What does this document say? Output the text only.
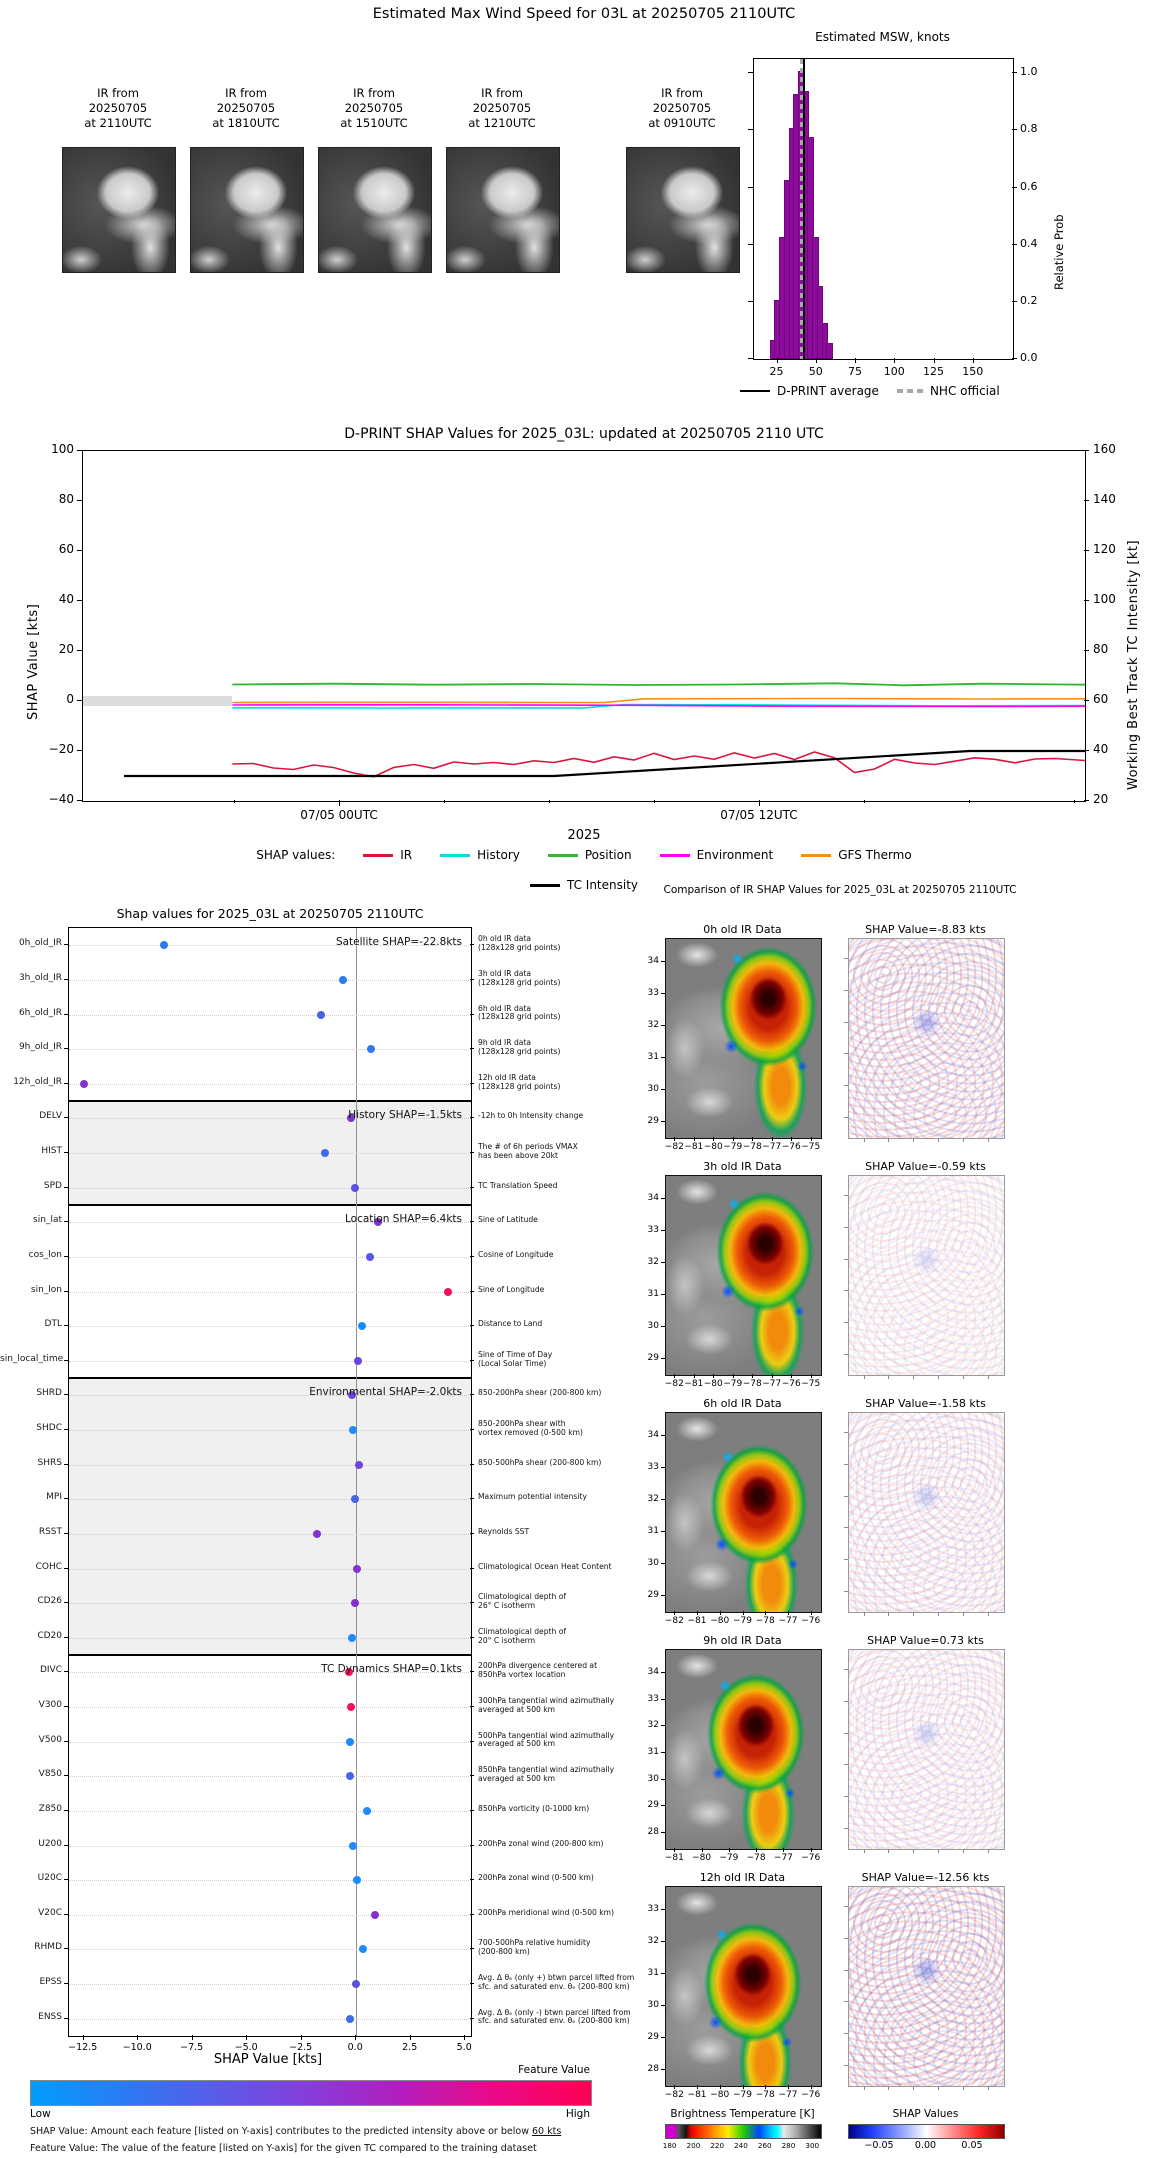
Estimated Max Wind Speed for 03L at 20250705 2110UTC
IR from
20250705
at 2110UTC
IR from
20250705
at 1810UTC
IR from
20250705
at 1510UTC
IR from
20250705
at 1210UTC
IR from
20250705
at 0910UTC
Estimated MSW, knots
25	50	75	100 125 150
0.0
0.2
0.4
0.6
0.8
1.0
Relative Prob
D-PRINT average	NHC official
D-PRINT SHAP Values for 2025_03L: updated at 20250705 2110 UTC
100
80
60
40
20
0
−20
−40
160
140
120
100
80
60
40
20
07/05 00UTC	07/05 12UTC
SHAP Value [kts]	Working Best Track TC Intensity [kt]
2025
SHAP values:	IR	History	Position	Environment	GFS Thermo
TC Intensity
Shap values for 2025_03L at 20250705 2110UTC
Satellite SHAP=-22.8kts
History SHAP=-1.5kts
Location SHAP=6.4kts
Environmental SHAP=-2.0kts
TC Dynamics SHAP=0.1kts
0h_old_IR	0h old IR data
(128x128 grid points)
3h_old_IR	3h old IR data
(128x128 grid points)
6h_old_IR	6h old IR data
(128x128 grid points)
9h_old_IR	9h old IR data
(128x128 grid points)
12h_old_IR	12h old IR data
(128x128 grid points)
DELV	-12h to 0h Intensity change
HIST	The # of 6h periods VMAX
has been above 20kt
SPD	TC Translation Speed
sin_lat	Sine of Latitude
cos_lon	Cosine of Longitude
sin_lon	Sine of Longitude
DTL	Distance to Land
sin_local_time	Sine of Time of Day
(Local Solar Time)
SHRD	850-200hPa shear (200-800 km)
SHDC	850-200hPa shear with
vortex removed (0-500 km)
SHRS	850-500hPa shear (200-800 km)
MPI	Maximum potential intensity
RSST	Reynolds SST
COHC	Climatological Ocean Heat Content
CD26	Climatological depth of
26° C isotherm
CD20	Climatological depth of
20° C isotherm
DIVC	200hPa divergence centered at
850hPa vortex location
V300	300hPa tangential wind azimuthally
averaged at 500 km
V500	500hPa tangential wind azimuthally
averaged at 500 km
V850	850hPa tangential wind azimuthally
averaged at 500 km
Z850	850hPa vorticity (0-1000 km)
U200	200hPa zonal wind (200-800 km)
U20C	200hPa zonal wind (0-500 km)
V20C	200hPa meridional wind (0-500 km)
RHMD	700-500hPa relative humidity
(200-800 km)
EPSS	Avg. Δ θₑ (only +) btwn parcel lifted from
sfc. and saturated env. θₑ (200-800 km)
ENSS	Avg. Δ θₑ (only -) btwn parcel lifted from
sfc. and saturated env. θₑ (200-800 km)
−12.5	−10.0	−7.5	−5.0	−2.5	0.0	2.5	5.0
SHAP Value [kts]
Feature Value
Low	High
SHAP Value: Amount each feature [listed on Y-axis] contributes to the predicted intensity above or below 60 kts
Feature Value: The value of the feature [listed on Y-axis] for the given TC compared to the training dataset
Comparison of IR SHAP Values for 2025_03L at 20250705 2110UTC
0h old IR Data
34
33
32
31
30
29
−82 −81 −80 −79 −78 −77 −76 −75
SHAP Value=-8.83 kts
3h old IR Data
34
33
32
31
30
29
−82 −81 −80 −79 −78 −77 −76 −75
SHAP Value=-0.59 kts
6h old IR Data
34
33
32
31
30
29
−82 −81 −80 −79 −78 −77 −76
SHAP Value=-1.58 kts
9h old IR Data
34
33
32
31
30
29
28
−81 −80 −79 −78 −77 −76
SHAP Value=0.73 kts
12h old IR Data
33
32
31
30
29
28
−82 −81 −80 −79 −78 −77 −76
SHAP Value=-12.56 kts
Brightness Temperature [K]	SHAP Values
180	200	220	240	260	280	300	−0.05	0.00	0.05
